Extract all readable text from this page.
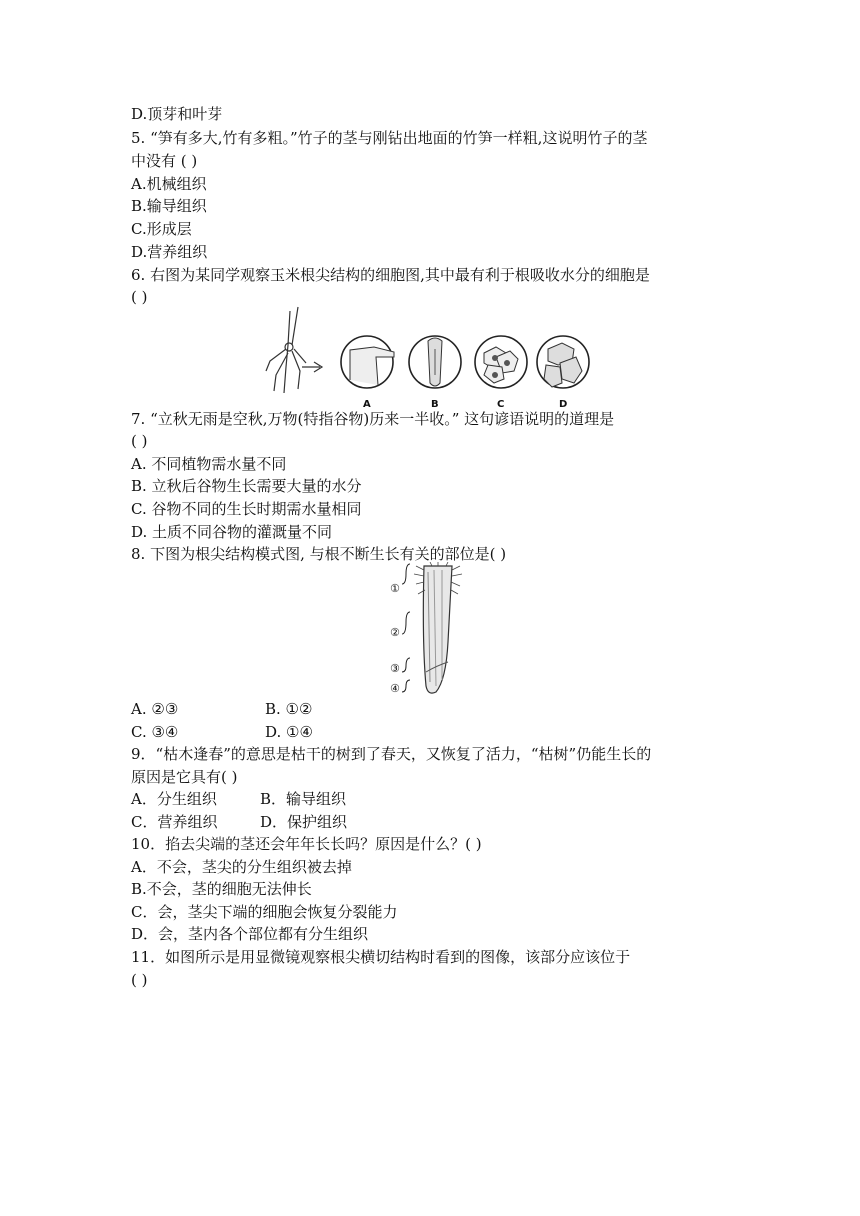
D.顶芽和叶芽
5. “笋有多大,竹有多粗。”竹子的茎与刚钻出地面的竹笋一样粗,这说明竹子的茎
中没有 ( )
A.机械组织
B.输导组织
C.形成层
D.营养组织
6. 右图为某同学观察玉米根尖结构的细胞图,其中最有利于根吸收水分的细胞是
( )
A	B	C	D
7. “立秋无雨是空秋,万物(特指谷物)历来一半收。” 这句谚语说明的道理是
( )
A. 不同植物需水量不同
B. 立秋后谷物生长需要大量的水分
C. 谷物不同的生长时期需水量相同
D. 土质不同谷物的灌溉量不同
8. 下图为根尖结构模式图, 与根不断生长有关的部位是( )
①
②
③
④
A. ②③	B. ①②
C. ③④	D. ①④
9．“枯木逢春”的意思是枯干的树到了春天，又恢复了活力，“枯树”仍能生长的
原因是它具有( )
A．分生组织	B．输导组织
C．营养组织	D．保护组织
10．掐去尖端的茎还会年年长长吗？原因是什么？( )
A．不会，茎尖的分生组织被去掉
B.不会，茎的细胞无法伸长
C．会，茎尖下端的细胞会恢复分裂能力
D．会，茎内各个部位都有分生组织
11．如图所示是用显微镜观察根尖横切结构时看到的图像，该部分应该位于
( )
